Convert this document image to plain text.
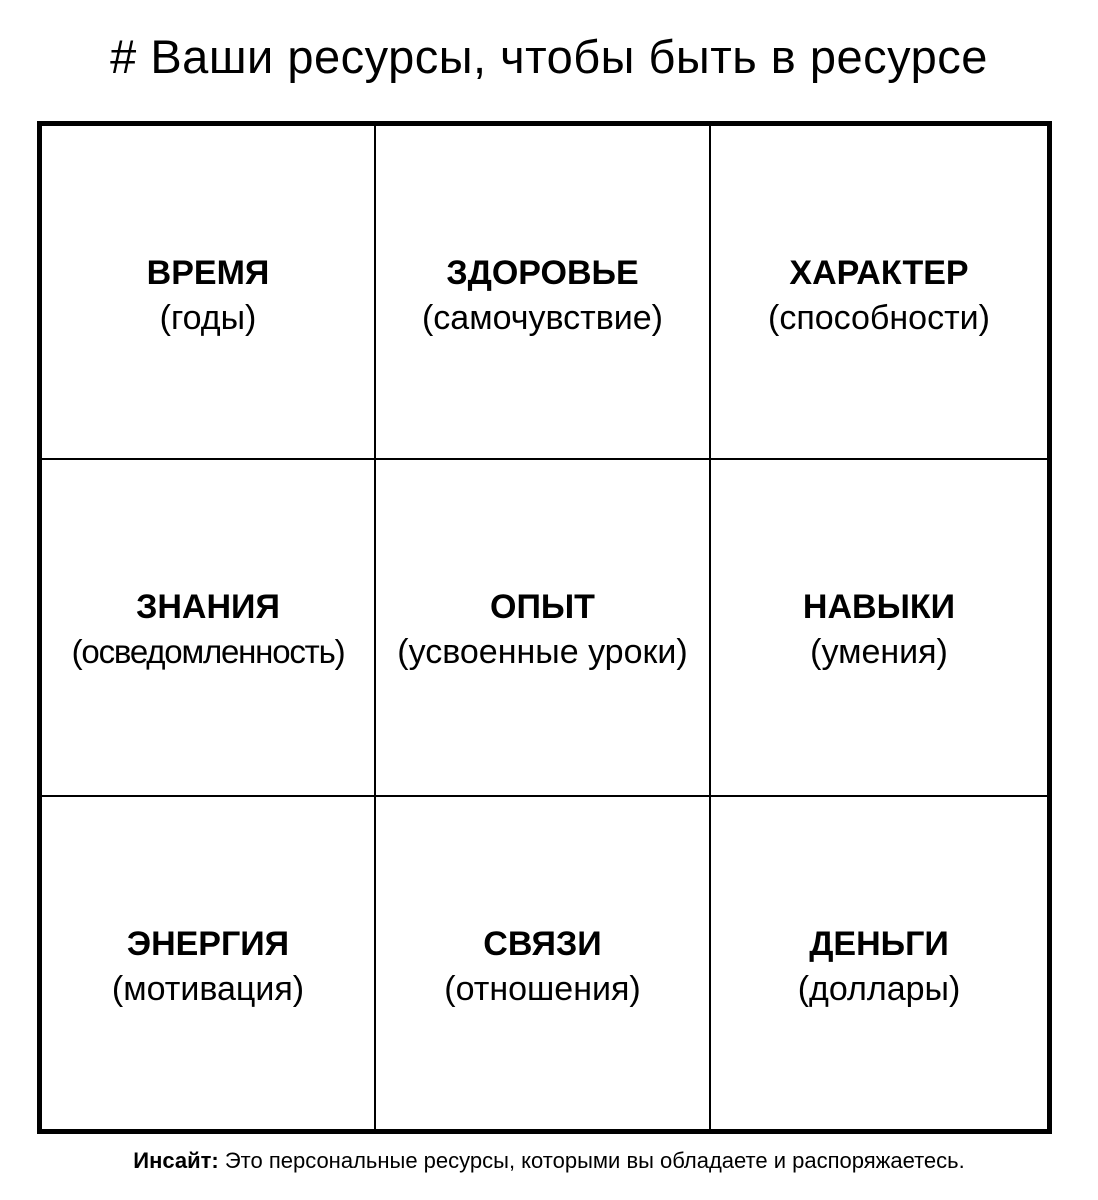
# Ваши ресурсы, чтобы быть в ресурсе
ВРЕМЯ
(годы)
ЗДОРОВЬЕ
(самочувствие)
ХАРАКТЕР
(способности)
ЗНАНИЯ
(осведомленность)
ОПЫТ
(усвоенные уроки)
НАВЫКИ
(умения)
ЭНЕРГИЯ
(мотивация)
СВЯЗИ
(отношения)
ДЕНЬГИ
(доллары)
Инсайт: Это персональные ресурсы, которыми вы обладаете и распоряжаетесь.
